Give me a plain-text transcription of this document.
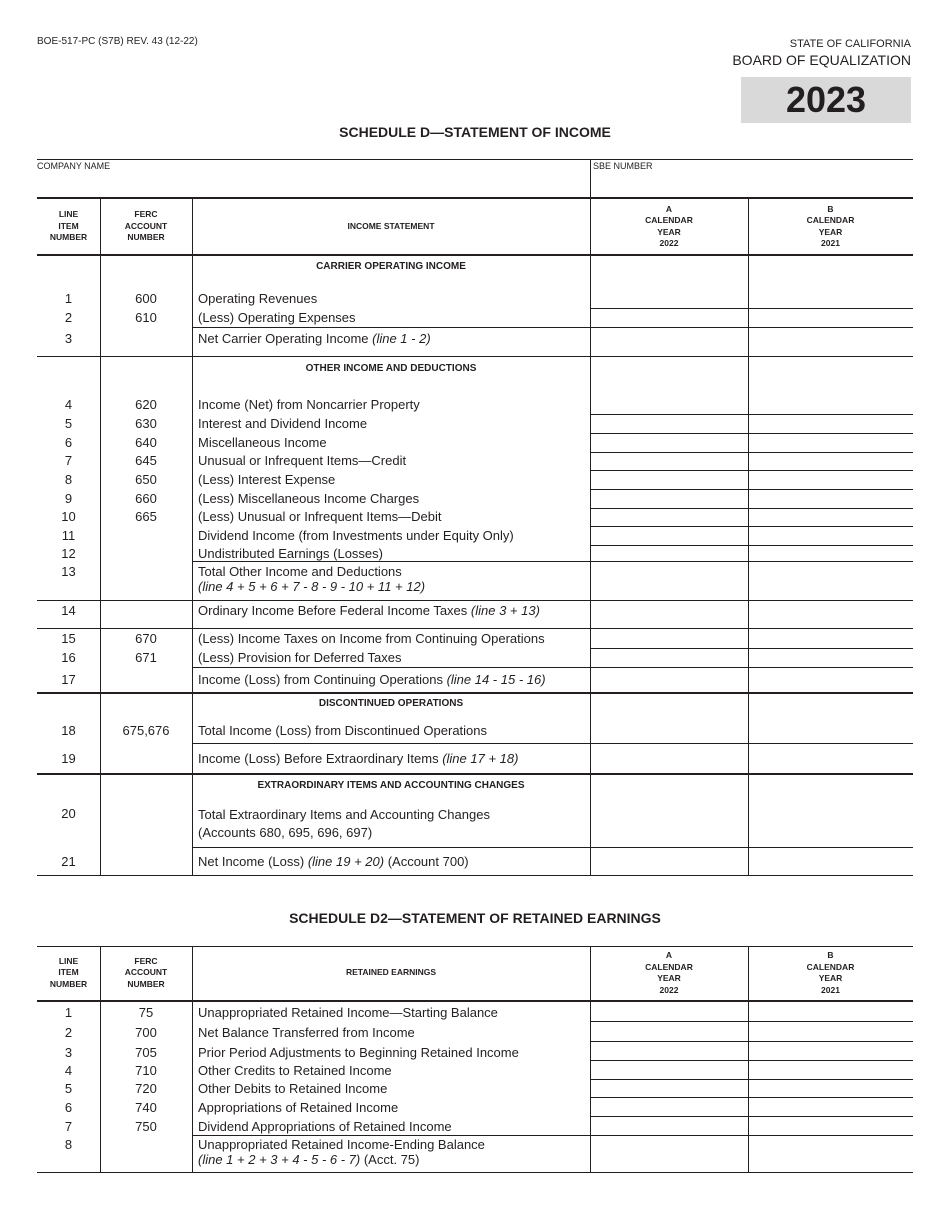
BOE-517-PC (S7B) REV. 43 (12-22)	STATE OF CALIFORNIA
BOARD OF EQUALIZATION
2023
SCHEDULE D—STATEMENT OF INCOME
COMPANY NAME	SBE NUMBER
LINE
ITEM
NUMBER
FERC
ACCOUNT
NUMBER
INCOME STATEMENT
A
CALENDAR
YEAR
2022
B
CALENDAR
YEAR
2021
CARRIER OPERATING INCOME
OTHER INCOME AND DEDUCTIONS
DISCONTINUED OPERATIONS
EXTRAORDINARY ITEMS AND ACCOUNTING CHANGES
1	600	Operating Revenues
2	610	(Less) Operating Expenses
3	Net Carrier Operating Income (line 1 - 2)
4	620	Income (Net) from Noncarrier Property
5	630	Interest and Dividend Income
6	640	Miscellaneous Income
7	645	Unusual or Infrequent Items—Credit
8	650	(Less) Interest Expense
9	660	(Less) Miscellaneous Income Charges
10	665	(Less) Unusual or Infrequent Items—Debit
11	Dividend Income (from Investments under Equity Only)
12	Undistributed Earnings (Losses)
13	Total Other Income and Deductions
(line 4 + 5 + 6 + 7 - 8 - 9 - 10 + 11 + 12)
14	Ordinary Income Before Federal Income Taxes (line 3 + 13)
15	670	(Less) Income Taxes on Income from Continuing Operations
16	671	(Less) Provision for Deferred Taxes
17	Income (Loss) from Continuing Operations (line 14 - 15 - 16)
18	675,676	Total Income (Loss) from Discontinued Operations
19	Income (Loss) Before Extraordinary Items (line 17 + 18)
20	Total Extraordinary Items and Accounting Changes
(Accounts 680, 695, 696, 697)
21	Net Income (Loss) (line 19 + 20) (Account 700)
SCHEDULE D2—STATEMENT OF RETAINED EARNINGS
LINE
ITEM
NUMBER
FERC
ACCOUNT
NUMBER
RETAINED EARNINGS
A
CALENDAR
YEAR
2022
B
CALENDAR
YEAR
2021
1	75	Unappropriated Retained Income—Starting Balance
2	700	Net Balance Transferred from Income
3	705	Prior Period Adjustments to Beginning Retained Income
4	710	Other Credits to Retained Income
5	720	Other Debits to Retained Income
6	740	Appropriations of Retained Income
7	750	Dividend Appropriations of Retained Income
8	Unappropriated Retained Income-Ending Balance
(line 1 + 2 + 3 + 4 - 5 - 6 - 7) (Acct. 75)
